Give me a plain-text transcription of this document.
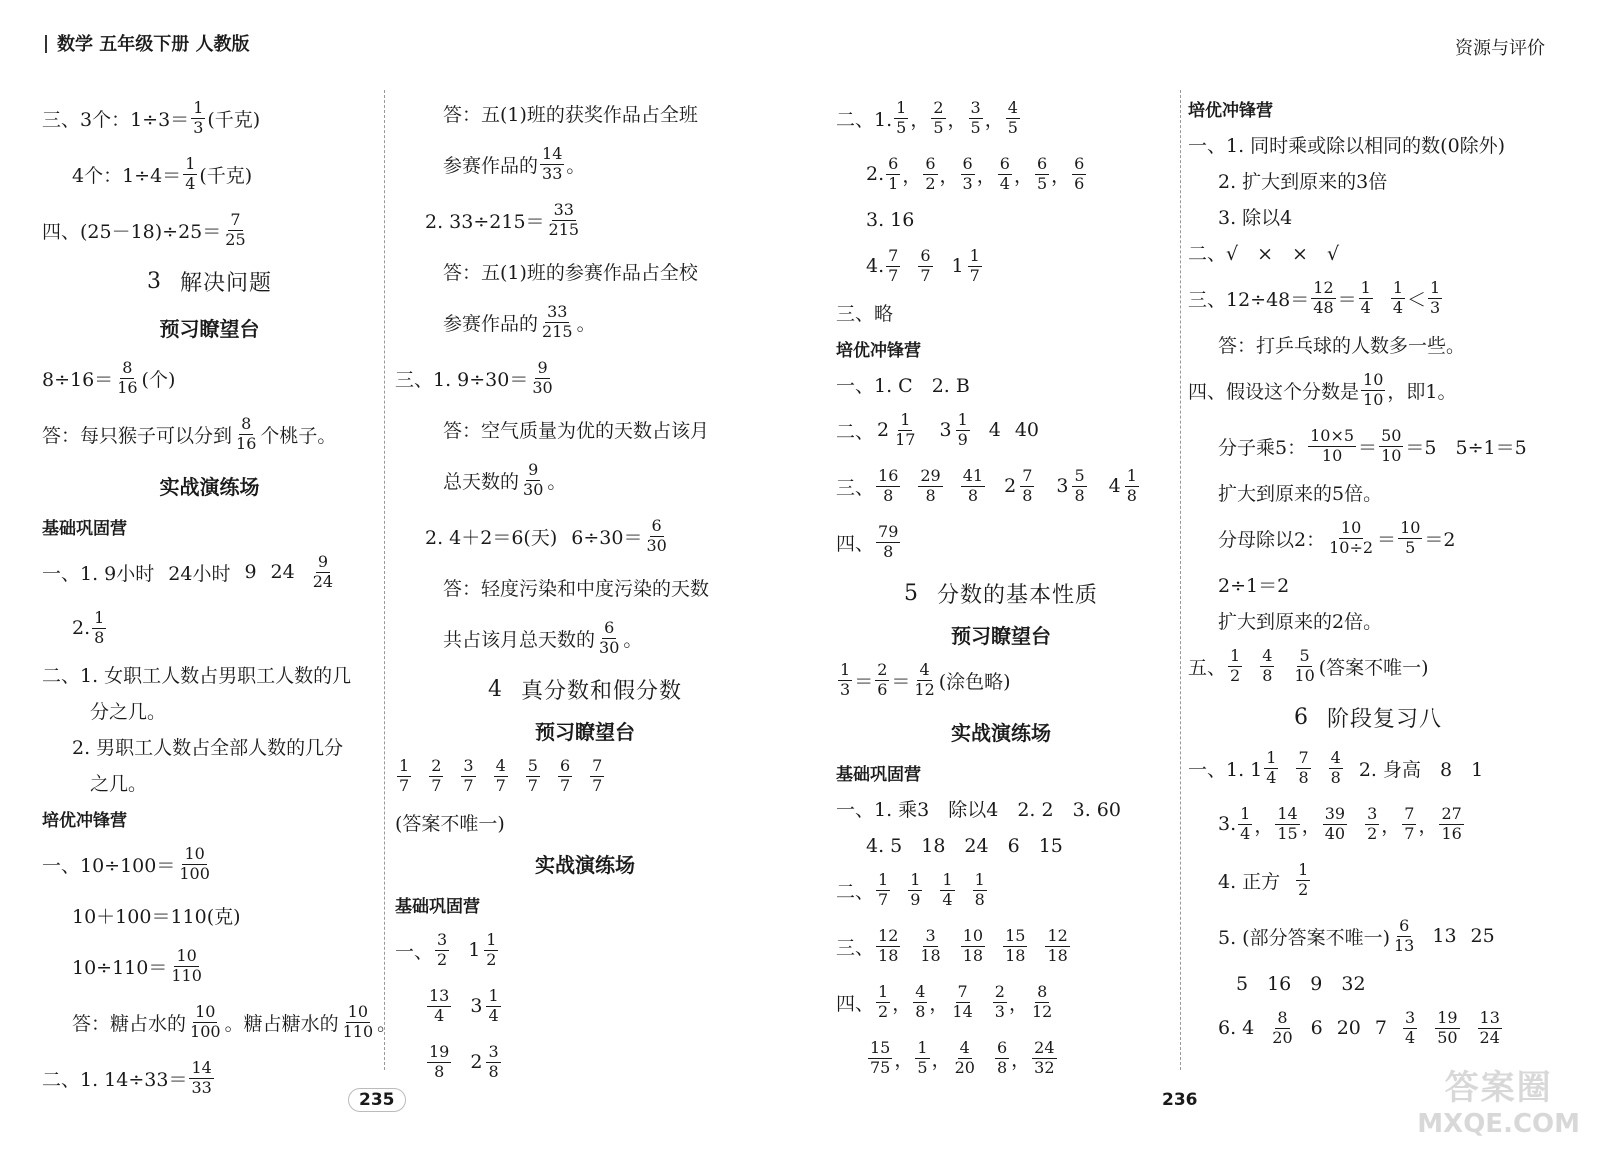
数学 五年级下册 人教版	资源与评价
三、3个：1÷3＝
1
3 (千克)
4个：1÷4＝
1
4 (千克)
四、(25－18)÷25＝
7
25
3 解决问题
预习瞭望台
8÷16＝
8
16 (个)
答：每只猴子可以分到
8
16 个桃子。
实战演练场
基础巩固营
一、1. 9小时 24小时 9 24 9
24
2. 1
8
二、1. 女职工人数占男职工人数的几
分之几。
2. 男职工人数占全部人数的几分
之几。
培优冲锋营
一、10÷100＝
10
100
10＋100＝110(克)
10÷110＝
10
110
答：糖占水的
10
100 。糖占糖水的
10
110 。
二、1. 14÷33＝
14
33
答：五(1)班的获奖作品占全班
参赛作品的
14
33 。
2. 33÷215＝
33
215
答：五(1)班的参赛作品占全校
参赛作品的
33
215 。
三、1. 9÷30＝
9
30
答：空气质量为优的天数占该月
总天数的
9
30 。
2. 4＋2＝6(天) 6÷30＝
6
30
答：轻度污染和中度污染的天数
共占该月总天数的
6
30 。
4 真分数和假分数
预习瞭望台
1
7
2
7
3
7
4
7
5
7
6
7
7
7
(答案不唯一)
实战演练场
基础巩固营
一、
3
2 1 1
2
13
4 3 1
4
19
8 2 3
8
二、1.
1
5 ，
2
5 ，
3
5 ，
4
5
2. 6
1 ，
6
2 ，
6
3 ，
6
4 ，
6
5 ，
6
6
3. 16
4. 7
7
6
7 1 1
7
三、略
培优冲锋营
一、1. C　2. B
二、 2 1
17 3 1
9 4 40
三、
16
8
29
8
41
8 2 7
8 3 5
8 4 1
8
四、
79
8
5 分数的基本性质
预习瞭望台
1
3 ＝
2
6 ＝
4
12 (涂色略)
实战演练场
基础巩固营
一、1. 乘3　除以4　2. 2　3. 60
4. 5　18　24　6　15
二、
1
7
1
9
1
4
1
8
三、
12
18
3
18
10
18
15
18
12
18
四、
1
2 ，
4
8 ，
7
14
2
3 ，
8
12
15
75 ，
1
5 ，
4
20
6
8 ，
24
32
培优冲锋营
一、1. 同时乘或除以相同的数(0除外)
2. 扩大到原来的3倍
3. 除以4
二、√　×　×　√
三、12÷48＝
12
48 ＝
1
4
1
4 ＜
1
3
答：打乒乓球的人数多一些。
四、假设这个分数是
10
10 ，即1。
分子乘5：
10×5
10 ＝
50
10 ＝5　5÷1＝5
扩大到原来的5倍。
分母除以2：
10
10÷2 ＝
10
5 ＝2
2÷1＝2
扩大到原来的2倍。
五、
1
2
4
8
5
10 (答案不唯一)
6 阶段复习八
一、1. 1
1
4
7
8
4
8 2. 身高　8　1
3. 1
4 ，
14
15 ，
39
40
3
2 ，
7
7 ，
27
16
4. 正方
1
2
5. (部分答案不唯一)
6
13 13 25
5　16　9　32
6. 4 8
20 6 20 7 3
4
19
50
13
24
235	236	答案圈
MXQE.COM
